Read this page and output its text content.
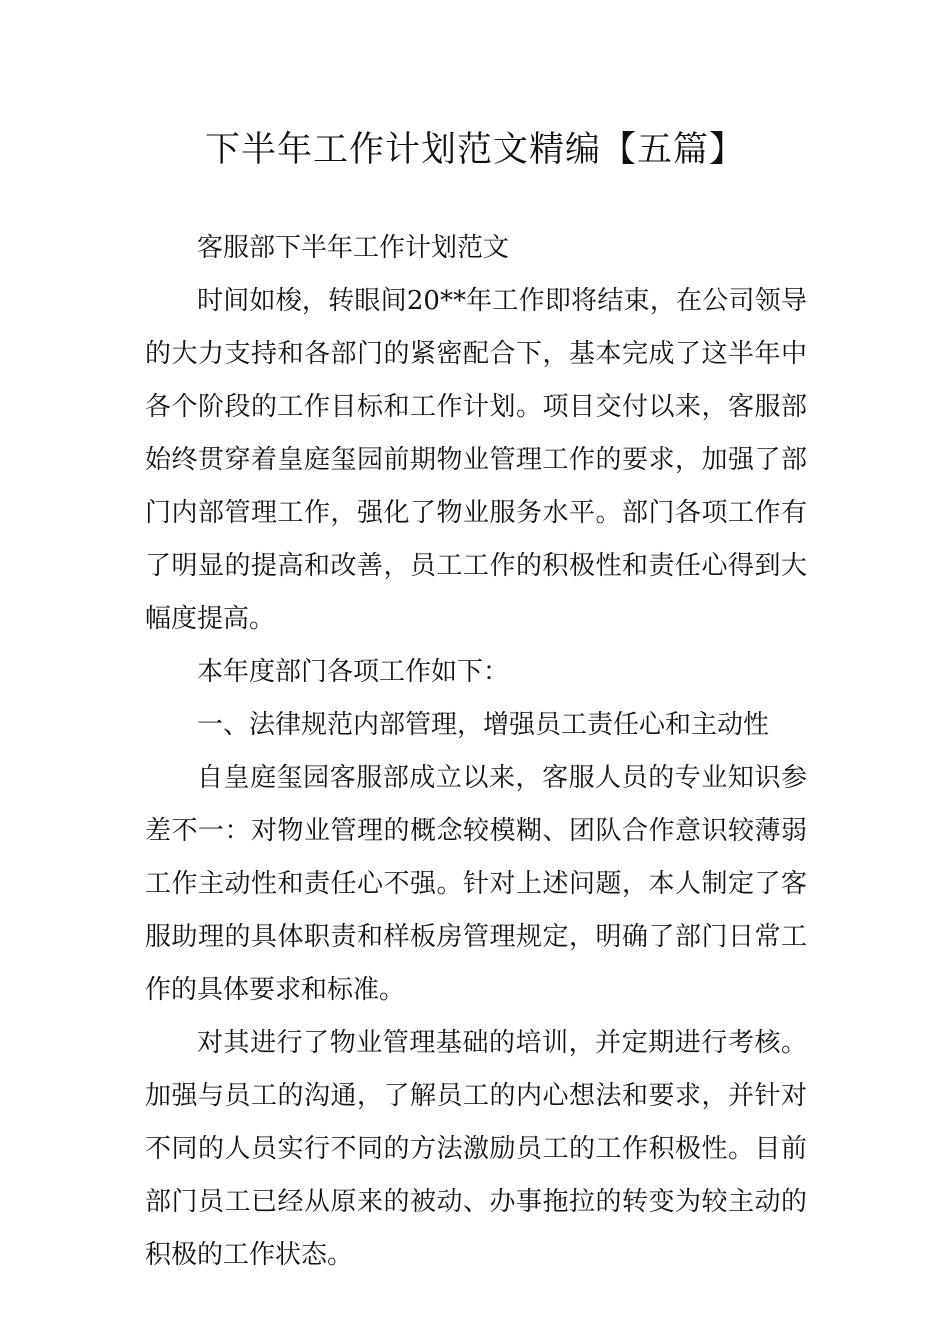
下半年工作计划范文精编【五篇】

客服部下半年工作计划范文

时间如梭，转眼间20**年工作即将结束，在公司领导的大力支持和各部门的紧密配合下，基本完成了这半年中各个阶段的工作目标和工作计划。项目交付以来，客服部始终贯穿着皇庭玺园前期物业管理工作的要求，加强了部门内部管理工作，强化了物业服务水平。部门各项工作有了明显的提高和改善，员工工作的积极性和责任心得到大幅度提高。

本年度部门各项工作如下：

一、法律规范内部管理，增强员工责任心和主动性

自皇庭玺园客服部成立以来，客服人员的专业知识参差不一：对物业管理的概念较模糊、团队合作意识较薄弱工作主动性和责任心不强。针对上述问题，本人制定了客服助理的具体职责和样板房管理规定，明确了部门日常工作的具体要求和标准。

对其进行了物业管理基础的培训，并定期进行考核。加强与员工的沟通，了解员工的内心想法和要求，并针对不同的人员实行不同的方法激励员工的工作积极性。目前部门员工已经从原来的被动、办事拖拉的转变为较主动的积极的工作状态。
